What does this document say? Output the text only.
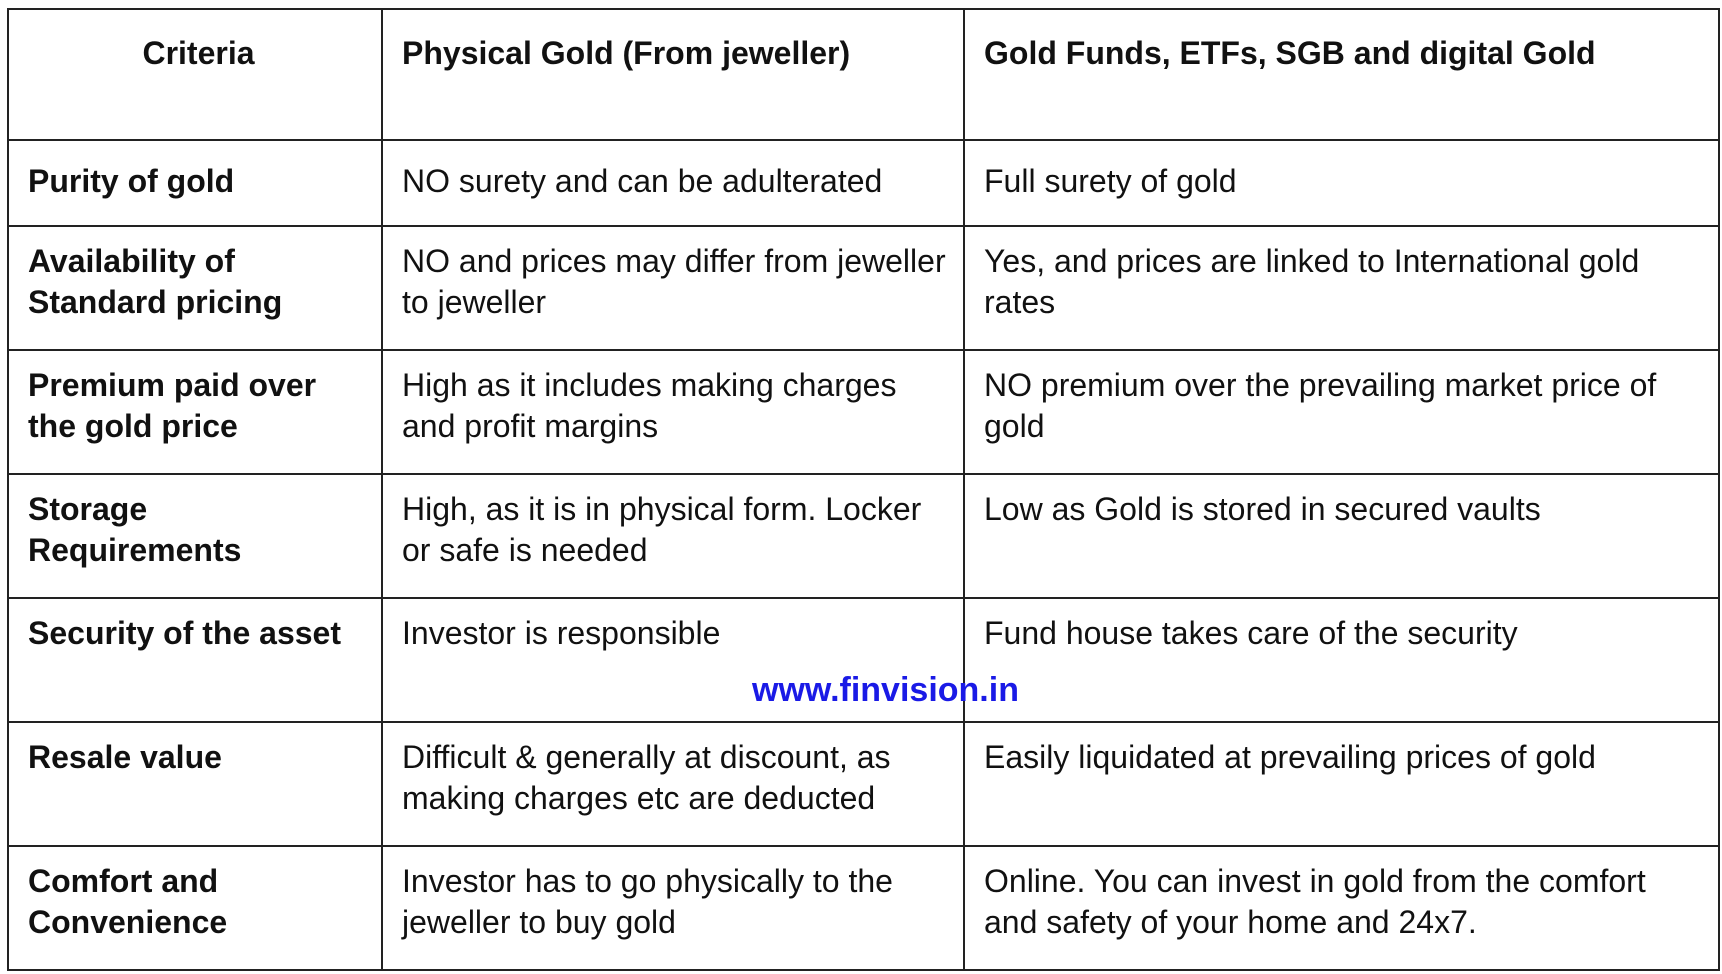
Criteria	Physical Gold (From jeweller)	Gold Funds, ETFs, SGB and digital Gold
Purity of gold	NO surety and can be adulterated	Full surety of gold
Availability of Standard pricing	NO and prices may differ from jeweller to jeweller	Yes, and prices are linked to International gold rates
Premium paid over the gold price	High as it includes making charges and profit margins	NO premium over the prevailing market price of gold
Storage Requirements	High, as it is in physical form. Locker or safe is needed	Low as Gold is stored in secured vaults
Security of the asset	Investor is responsible	Fund house takes care of the security
Resale value	Difficult & generally at discount, as making charges etc are deducted	Easily liquidated at prevailing prices of gold
Comfort and Convenience	Investor has to go physically to the jeweller to buy gold	Online. You can invest in gold from the comfort and safety of your home and 24x7.
www.finvision.in
